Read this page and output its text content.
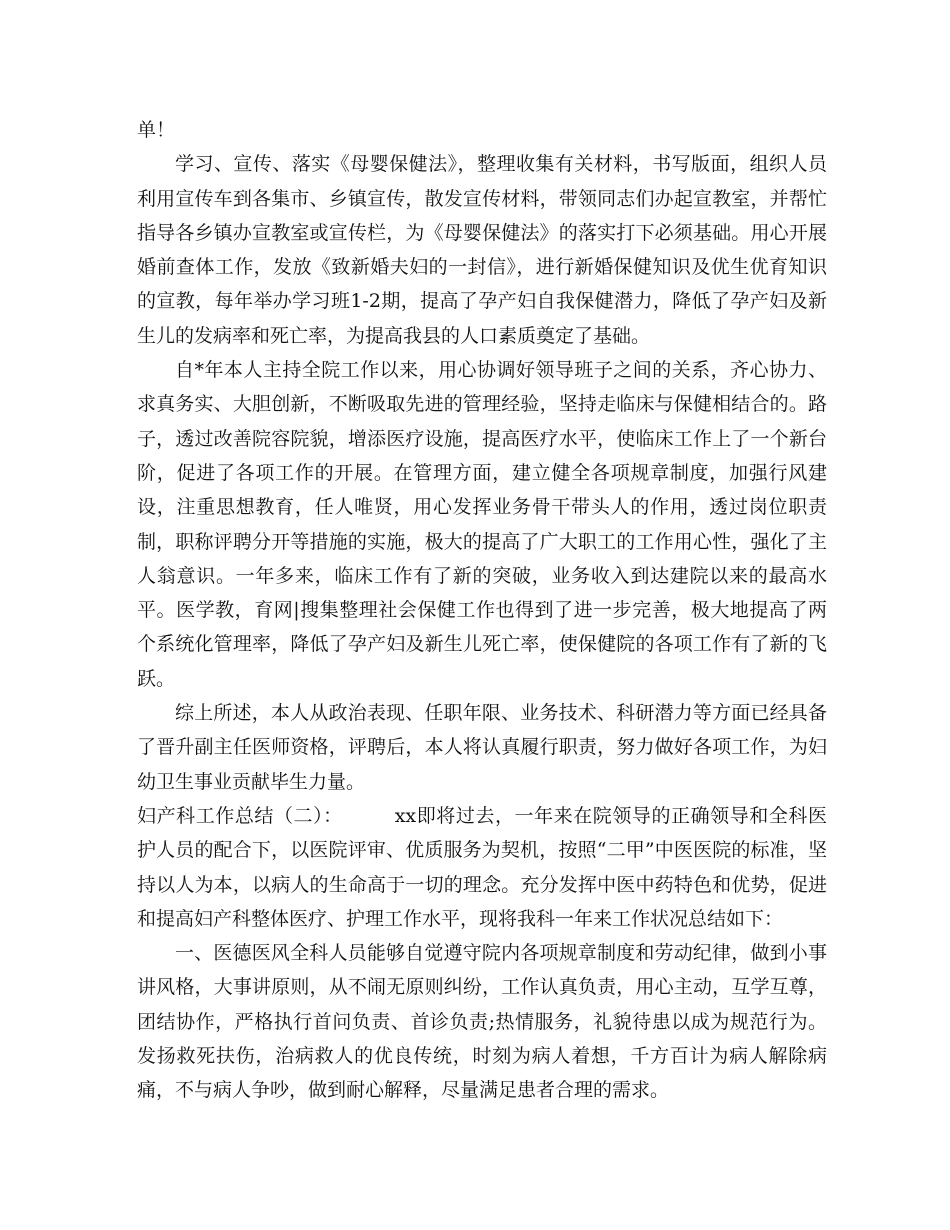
单！

学习、宣传、落实《母婴保健法》，整理收集有关材料，书写版面，组织人员利用宣传车到各集市、乡镇宣传，散发宣传材料，带领同志们办起宣教室，并帮忙指导各乡镇办宣教室或宣传栏，为《母婴保健法》的落实打下必须基础。用心开展婚前查体工作，发放《致新婚夫妇的一封信》，进行新婚保健知识及优生优育知识的宣教，每年举办学习班1-2期，提高了孕产妇自我保健潜力，降低了孕产妇及新生儿的发病率和死亡率，为提高我县的人口素质奠定了基础。

自*年本人主持全院工作以来，用心协调好领导班子之间的关系，齐心协力、求真务实、大胆创新，不断吸取先进的管理经验，坚持走临床与保健相结合的。路子，透过改善院容院貌，增添医疗设施，提高医疗水平，使临床工作上了一个新台阶，促进了各项工作的开展。在管理方面，建立健全各项规章制度，加强行风建设，注重思想教育，任人唯贤，用心发挥业务骨干带头人的作用，透过岗位职责制，职称评聘分开等措施的实施，极大的提高了广大职工的工作用心性，强化了主人翁意识。一年多来，临床工作有了新的突破，业务收入到达建院以来的最高水平。医学教，育网|搜集整理社会保健工作也得到了进一步完善，极大地提高了两个系统化管理率，降低了孕产妇及新生儿死亡率，使保健院的各项工作有了新的飞跃。

综上所述，本人从政治表现、任职年限、业务技术、科研潜力等方面已经具备了晋升副主任医师资格，评聘后，本人将认真履行职责，努力做好各项工作，为妇幼卫生事业贡献毕生力量。

妇产科工作总结（二）：	xx即将过去，一年来在院领导的正确领导和全科医护人员的配合下，以医院评审、优质服务为契机，按照“二甲”中医医院的标准，坚持以人为本，以病人的生命高于一切的理念。充分发挥中医中药特色和优势，促进和提高妇产科整体医疗、护理工作水平，现将我科一年来工作状况总结如下：

一、医德医风全科人员能够自觉遵守院内各项规章制度和劳动纪律，做到小事讲风格，大事讲原则，从不闹无原则纠纷，工作认真负责，用心主动，互学互尊，团结协作，严格执行首问负责、首诊负责;热情服务，礼貌待患以成为规范行为。发扬救死扶伤，治病救人的优良传统，时刻为病人着想，千方百计为病人解除病痛，不与病人争吵，做到耐心解释，尽量满足患者合理的需求。
